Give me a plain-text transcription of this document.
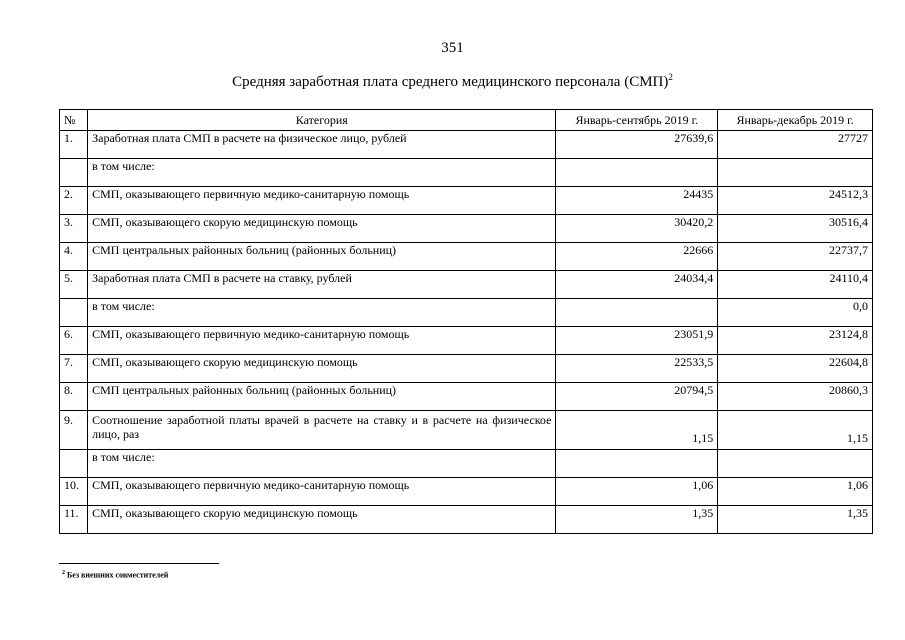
351
Средняя заработная плата среднего медицинского персонала (СМП)$^2$
№	Категория	Январь-сентябрь 2019 г.	Январь-декабрь 2019 г.
1.	Заработная плата СМП в расчете на физическое лицо, рублей	27639,6	27727
	в том числе:		
2.	СМП, оказывающего первичную медико-санитарную помощь	24435	24512,3
3.	СМП, оказывающего скорую медицинскую помощь	30420,2	30516,4
4.	СМП центральных районных больниц (районных больниц)	22666	22737,7
5.	Заработная плата СМП в расчете на ставку, рублей	24034,4	24110,4
	в том числе:		0,0
6.	СМП, оказывающего первичную медико-санитарную помощь	23051,9	23124,8
7.	СМП, оказывающего скорую медицинскую помощь	22533,5	22604,8
8.	СМП центральных районных больниц (районных больниц)	20794,5	20860,3
9.	Соотношение заработной платы врачей в расчете на ставку и в расчете на физическое лицо, раз	1,15	1,15
	в том числе:		
10.	СМП, оказывающего первичную медико-санитарную помощь	1,06	1,06
11.	СМП, оказывающего скорую медицинскую помощь	1,35	1,35
$^2$ Без внешних совместителей
